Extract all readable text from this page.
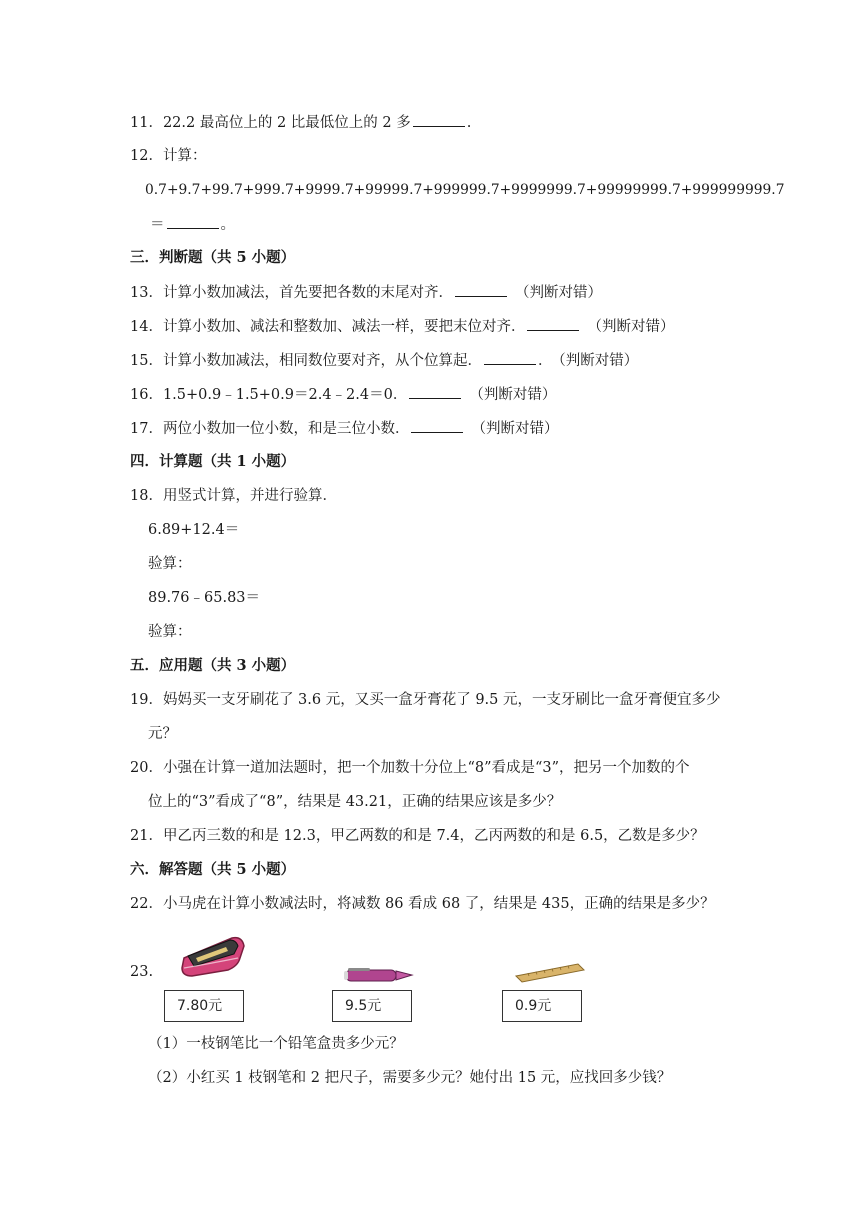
11．22.2 最高位上的 2 比最低位上的 2 多	.
12．计算：
0.7+9.7+99.7+999.7+9999.7+99999.7+999999.7+9999999.7+99999999.7+999999999.7
＝	。
三．判断题（共 5 小题）
13．计算小数加减法，首先要把各数的末尾对齐．	（判断对错）
14．计算小数加、减法和整数加、减法一样，要把末位对齐．	（判断对错）
15．计算小数加减法，相同数位要对齐，从个位算起．	． （判断对错）
16．1.5+0.9﹣1.5+0.9＝2.4﹣2.4＝0．	（判断对错）
17．两位小数加一位小数，和是三位小数．	（判断对错）
四．计算题（共 1 小题）
18．用竖式计算，并进行验算．
6.89+12.4＝
验算：
89.76﹣65.83＝
验算：
五．应用题（共 3 小题）
19．妈妈买一支牙刷花了 3.6 元，又买一盒牙膏花了 9.5 元，一支牙刷比一盒牙膏便宜多少
元？
20．小强在计算一道加法题时，把一个加数十分位上“8”看成是“3”，把另一个加数的个
位上的“3”看成了“8”，结果是 43.21，正确的结果应该是多少？
21．甲乙丙三数的和是 12.3，甲乙两数的和是 7.4，乙丙两数的和是 6.5，乙数是多少？
六．解答题（共 5 小题）
22．小马虎在计算小数减法时，将减数 86 看成 68 了，结果是 435，正确的结果是多少？
23.
7.80元	9.5元	0.9元
（1）一枝钢笔比一个铅笔盒贵多少元？
（2）小红买 1 枝钢笔和 2 把尺子，需要多少元？她付出 15 元，应找回多少钱？
